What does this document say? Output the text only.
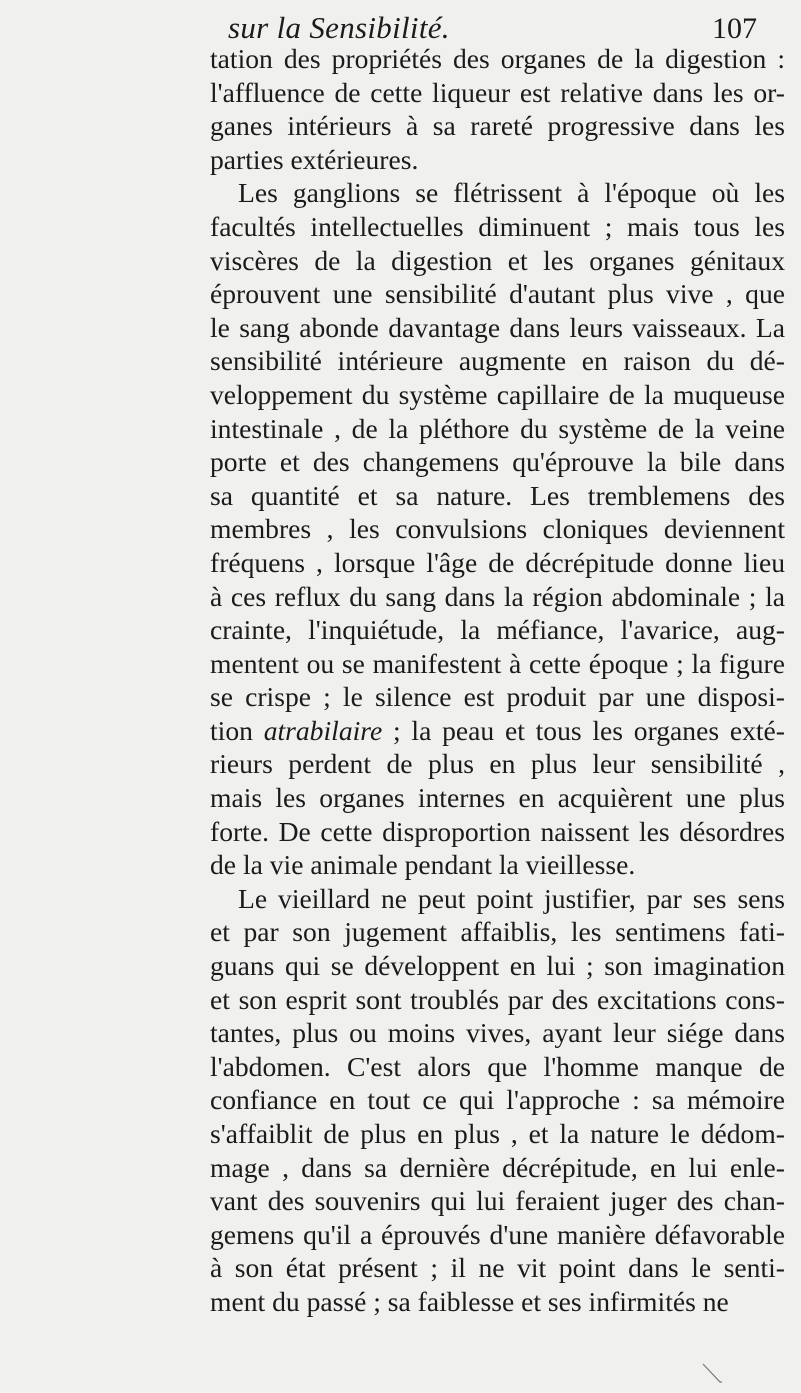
sur la Sensibilité.	107
tation des propriétés des organes de la digestion :
l'affluence de cette liqueur est relative dans les or-
ganes intérieurs à sa rareté progressive dans les
parties extérieures.
Les ganglions se flétrissent à l'époque où les
facultés intellectuelles diminuent ; mais tous les
viscères de la digestion et les organes génitaux
éprouvent une sensibilité d'autant plus vive , que
le sang abonde davantage dans leurs vaisseaux. La
sensibilité intérieure augmente en raison du dé-
veloppement du système capillaire de la muqueuse
intestinale , de la pléthore du système de la veine
porte et des changemens qu'éprouve la bile dans
sa quantité et sa nature. Les tremblemens des
membres , les convulsions cloniques deviennent
fréquens , lorsque l'âge de décrépitude donne lieu
à ces reflux du sang dans la région abdominale ; la
crainte, l'inquiétude, la méfiance, l'avarice, aug-
mentent ou se manifestent à cette époque ; la figure
se crispe ; le silence est produit par une disposi-
tion atrabilaire ; la peau et tous les organes exté-
rieurs perdent de plus en plus leur sensibilité ,
mais les organes internes en acquièrent une plus
forte. De cette disproportion naissent les désordres
de la vie animale pendant la vieillesse.
Le vieillard ne peut point justifier, par ses sens
et par son jugement affaiblis, les sentimens fati-
guans qui se développent en lui ; son imagination
et son esprit sont troublés par des excitations cons-
tantes, plus ou moins vives, ayant leur siége dans
l'abdomen. C'est alors que l'homme manque de
confiance en tout ce qui l'approche : sa mémoire
s'affaiblit de plus en plus , et la nature le dédom-
mage , dans sa dernière décrépitude, en lui enle-
vant des souvenirs qui lui feraient juger des chan-
gemens qu'il a éprouvés d'une manière défavorable
à son état présent ; il ne vit point dans le senti-
ment du passé ; sa faiblesse et ses infirmités ne
